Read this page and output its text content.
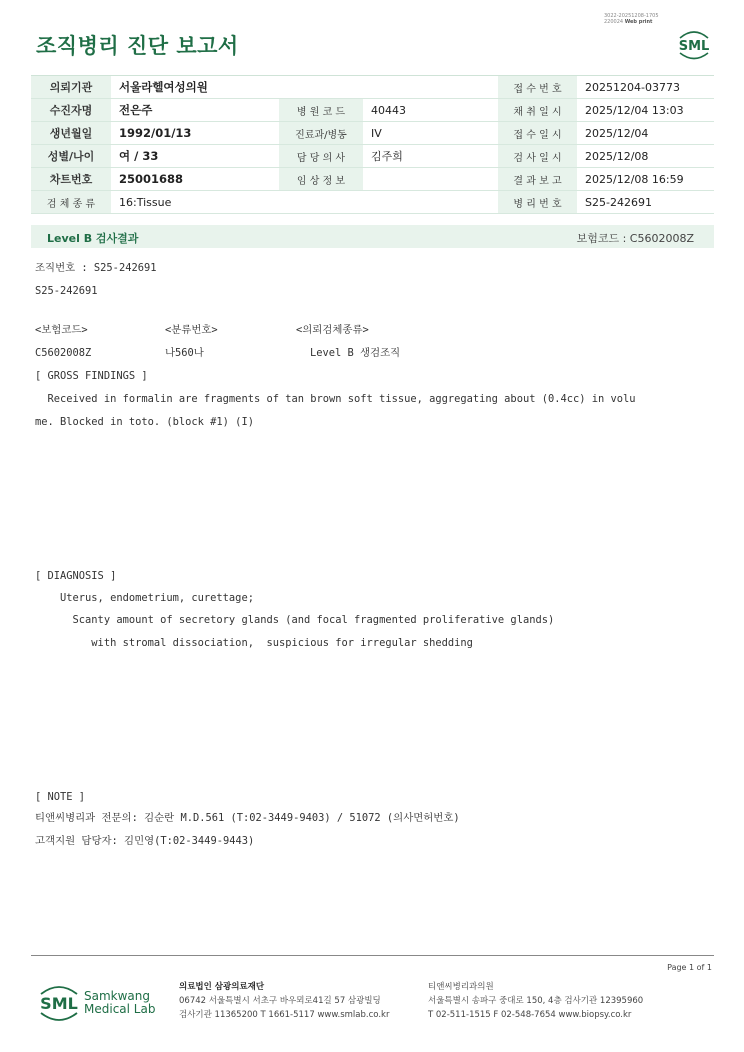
조직병리 진단 보고서
3022-20251208-1705
220024 Web print
SML
의뢰기관	서울라헬여성의원			접 수 번 호	20251204-03773
수진자명	전은주	병 원 코 드	40443	채 취 일 시	2025/12/04 13:03
생년월일	1992/01/13	진료과/병동	IV	접 수 일 시	2025/12/04
성별/나이	여 / 33	담 당 의 사	김주희	검 사 일 시	2025/12/08
차트번호	25001688	임 상 정 보		결 과 보 고	2025/12/08 16:59
검 체 종 류	16:Tissue			병 리 번 호	S25-242691
Level B 검사결과	보험코드 : C5602008Z
조직번호 : S25-242691
S25-242691
<보험코드>	<분류번호>	<의뢰검체종류>
C5602008Z	나560나	Level B 생검조직
[ GROSS FINDINGS ]
Received in formalin are fragments of tan brown soft tissue, aggregating about (0.4cc) in volu
me. Blocked in toto. (block #1) (I)
[ DIAGNOSIS ]
Uterus, endometrium, curettage;
Scanty amount of secretory glands (and focal fragmented proliferative glands)
with stromal dissociation,  suspicious for irregular shedding
[ NOTE ]
티앤씨병리과 전문의: 김순란 M.D.561 (T:02-3449-9403) / 51072 (의사면허번호)
고객지원 담당자: 김민영(T:02-3449-9443)
Page 1 of 1
SML Samkwang
Medical Lab
의료법인 삼광의료재단
06742 서울특별시 서초구 바우뫼로41길 57 삼광빌딩
검사기관 11365200 T 1661-5117 www.smlab.co.kr
티앤씨병리과의원
서울특별시 송파구 중대로 150, 4층 검사기관 12395960
T 02-511-1515 F 02-548-7654 www.biopsy.co.kr
